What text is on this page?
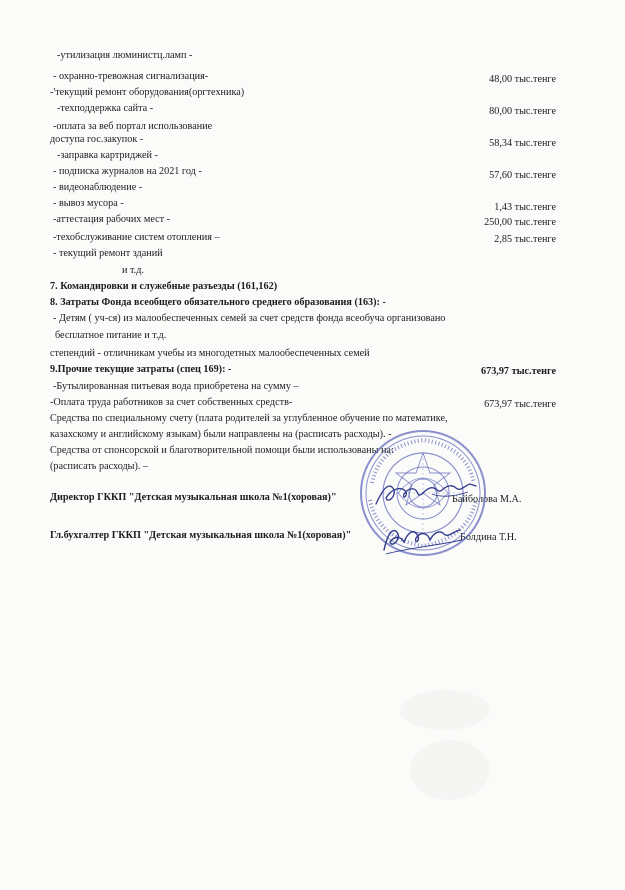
-утилизация люминистц.ламп -
- охранно-тревожная сигнализация-	48,00 тыс.тенге
-'текущий ремонт оборудования(оргтехника)
-техподдержка сайта -	80,00 тыс.тенге
-оплата за веб портал использование
доступа гос.закупок -	58,34 тыс.тенге
-заправка картриджей -
- подписка журналов на 2021 год -	57,60 тыс.тенге
- видеонаблюдение -
- вывоз мусора -	1,43 тыс.тенге
-аттестация рабочих мест -	250,00 тыс.тенге
-техобслуживание систем отопления –	2,85 тыс.тенге
- текущий ремонт зданий
и т.д.
7. Командировки и служебные разъезды (161,162)
8. Затраты Фонда всеобщего обязательного среднего образования (163): -
- Детям ( уч-ся) из малообеспеченных семей за счет средств фонда всеобуча организовано
бесплатное питание и т.д.
степендий - отличникам учебы из многодетных малообеспеченных семей
9.Прочие текущие затраты (спец 169): -	673,97 тыс.тенге
-Бутылированная питьевая вода приобретена на сумму –
-Оплата труда работников за счет собственных средств-	673,97 тыс.тенге
Средства по специальному счету (плата родителей за углубленное обучение по математике,
казахскому и английскому языкам) были направлены на (расписать расходы). -
Средства от спонсорской и благотворительной помощи были использованы на:
(расписать расходы). –
Директор ГККП "Детская музыкальная школа №1(хоровая)"	Байболова М.А.
Гл.бухгалтер ГККП "Детская музыкальная школа №1(хоровая)"	Болдина Т.Н.
